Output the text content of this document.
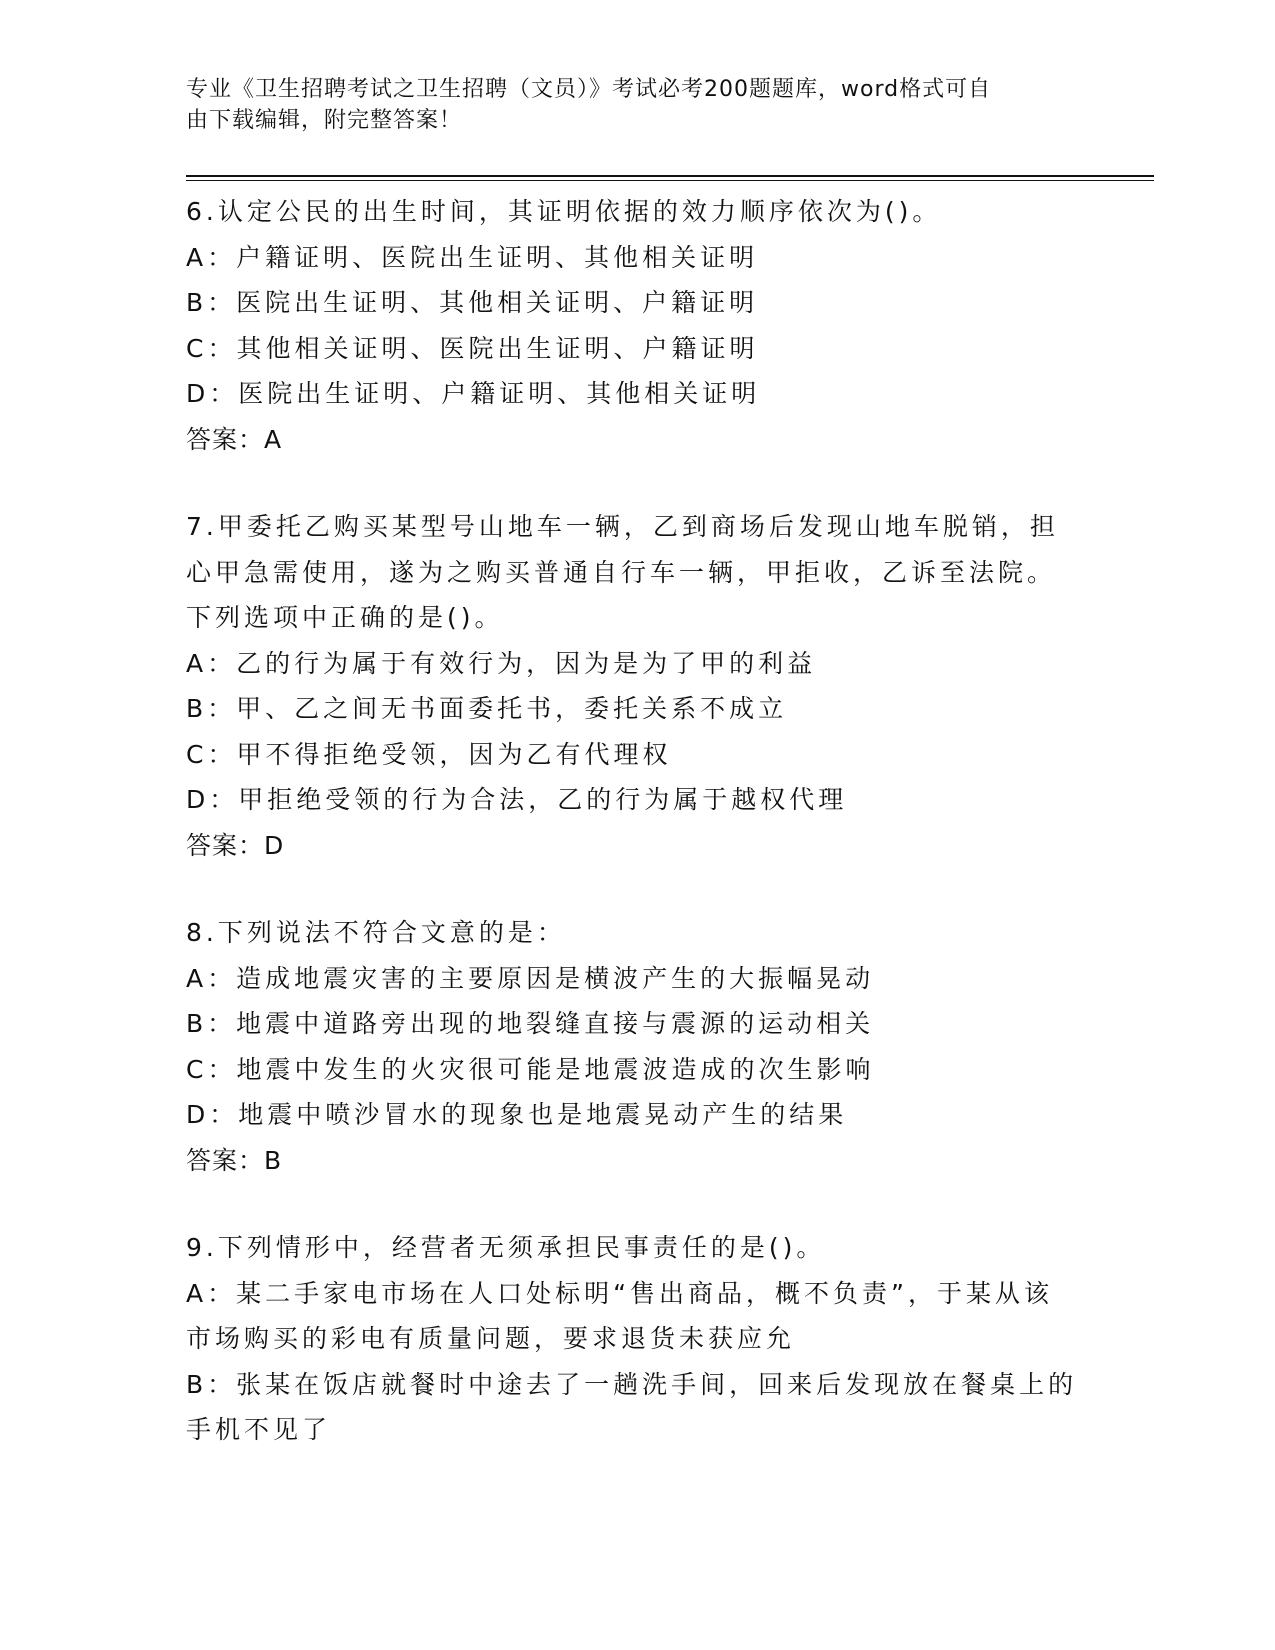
专业《卫生招聘考试之卫生招聘（文员）》考试必考200题题库，word格式可自
由下载编辑，附完整答案！
6.认定公民的出生时间，其证明依据的效力顺序依次为()。
A：户籍证明、医院出生证明、其他相关证明
B：医院出生证明、其他相关证明、户籍证明
C：其他相关证明、医院出生证明、户籍证明
D：医院出生证明、户籍证明、其他相关证明
答案：A
7.甲委托乙购买某型号山地车一辆，乙到商场后发现山地车脱销，担
心甲急需使用，遂为之购买普通自行车一辆，甲拒收，乙诉至法院。
下列选项中正确的是()。
A：乙的行为属于有效行为，因为是为了甲的利益
B：甲、乙之间无书面委托书，委托关系不成立
C：甲不得拒绝受领，因为乙有代理权
D：甲拒绝受领的行为合法，乙的行为属于越权代理
答案：D
8.下列说法不符合文意的是：
A：造成地震灾害的主要原因是横波产生的大振幅晃动
B：地震中道路旁出现的地裂缝直接与震源的运动相关
C：地震中发生的火灾很可能是地震波造成的次生影响
D：地震中喷沙冒水的现象也是地震晃动产生的结果
答案：B
9.下列情形中，经营者无须承担民事责任的是()。
A：某二手家电市场在人口处标明“售出商品，概不负责”，于某从该
市场购买的彩电有质量问题，要求退货未获应允
B：张某在饭店就餐时中途去了一趟洗手间，回来后发现放在餐桌上的
手机不见了
